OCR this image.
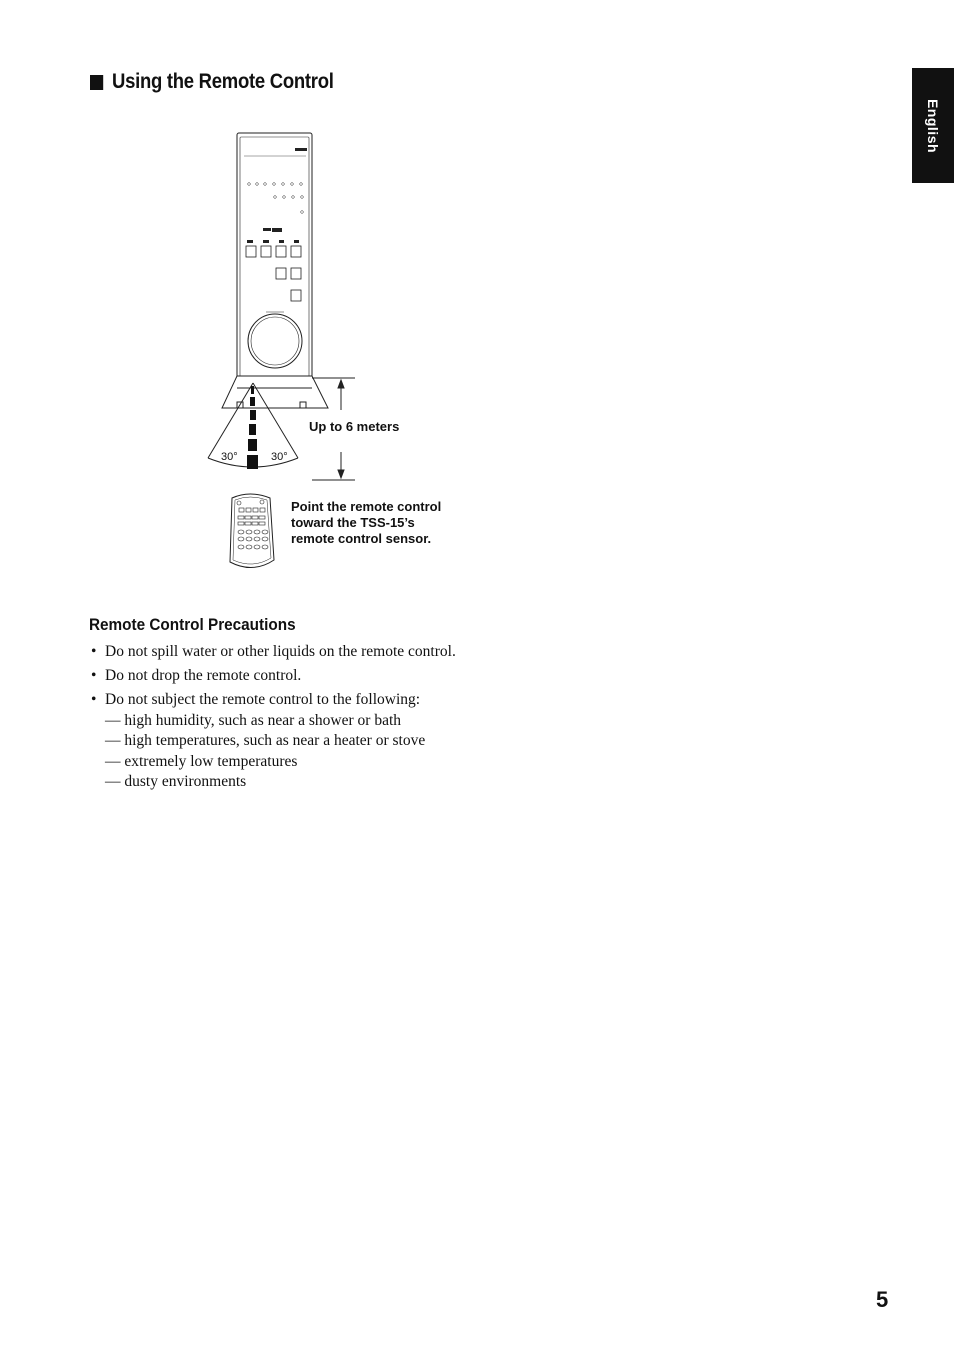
Using the Remote Control
English
30°	30°
Up to 6 meters
Point the remote control
toward the TSS-15’s
remote control sensor.
Remote Control Precautions
• Do not spill water or other liquids on the remote control.
• Do not drop the remote control.
• Do not subject the remote control to the following:
— high humidity, such as near a shower or bath
— high temperatures, such as near a heater or stove
— extremely low temperatures
— dusty environments
5
